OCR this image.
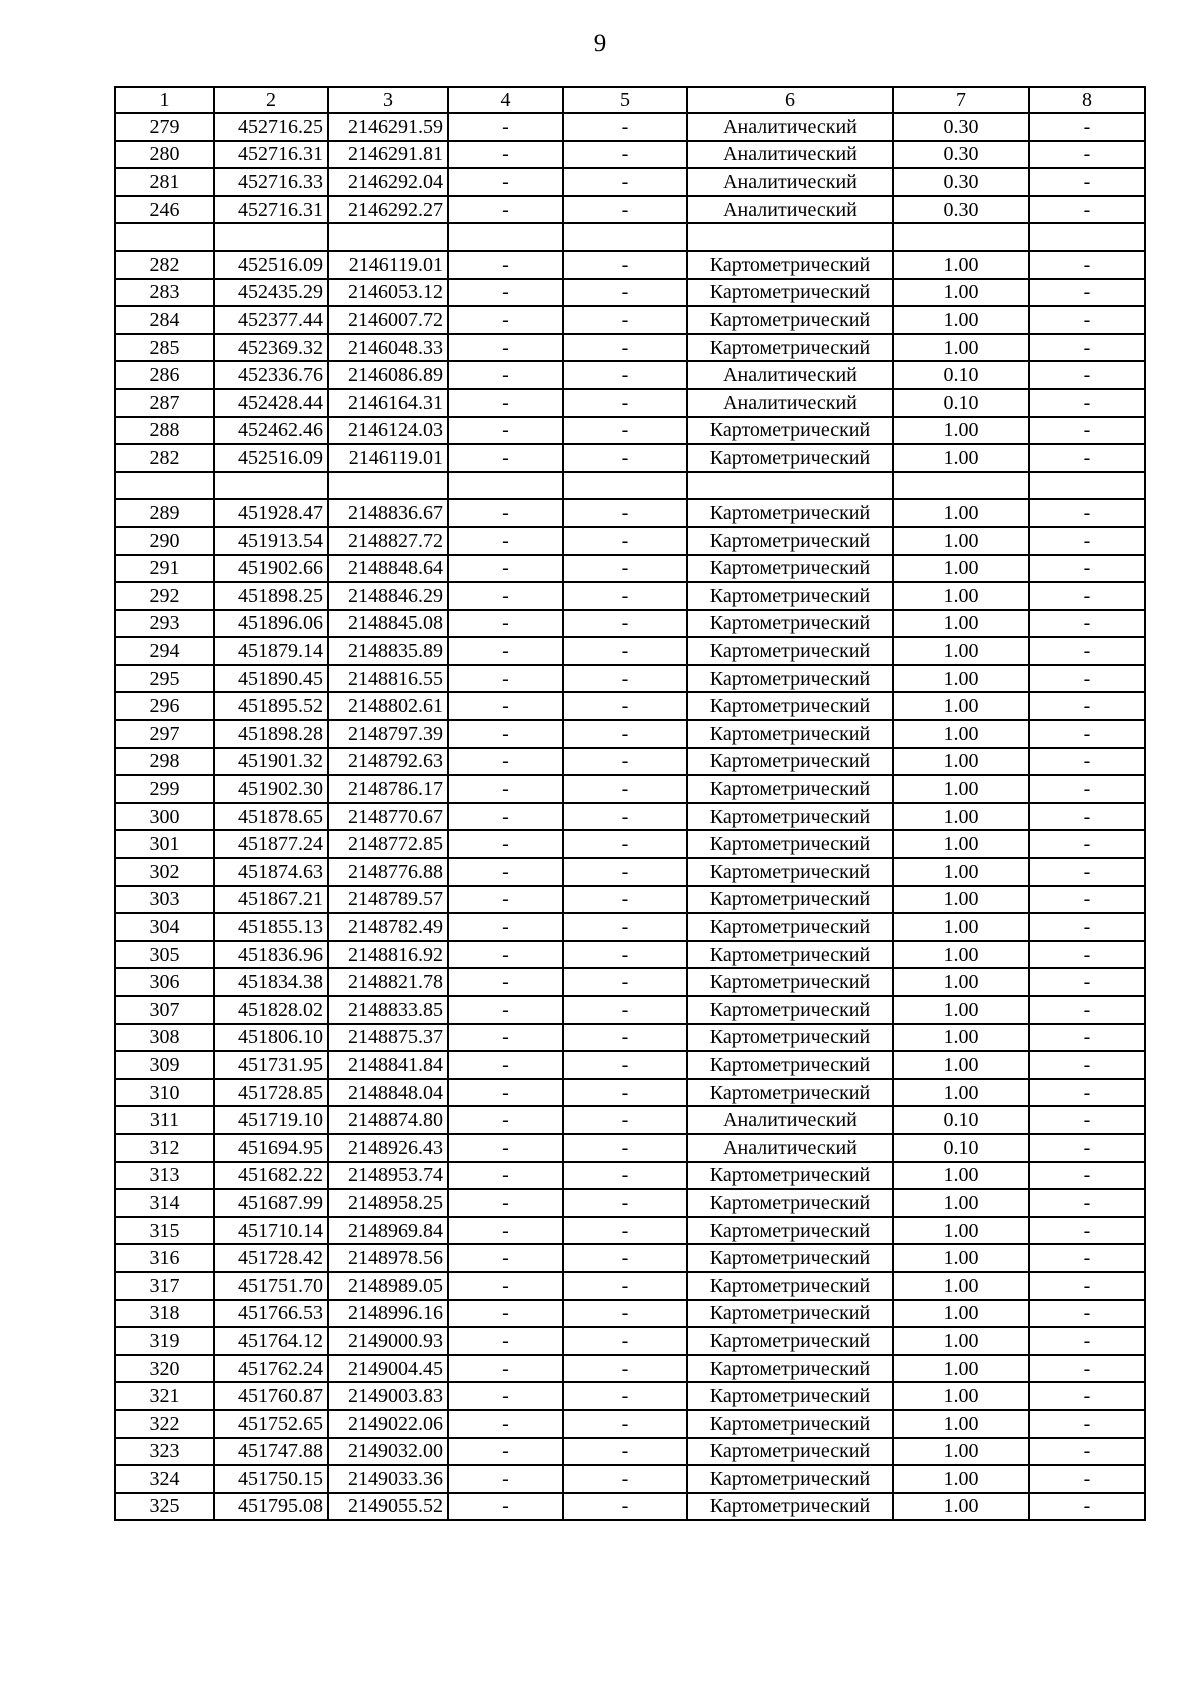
9
1	2	3	4	5	6	7	8
279	452716.25	2146291.59	-	-	Аналитический	0.30	-
280	452716.31	2146291.81	-	-	Аналитический	0.30	-
281	452716.33	2146292.04	-	-	Аналитический	0.30	-
246	452716.31	2146292.27	-	-	Аналитический	0.30	-

282	452516.09	2146119.01	-	-	Картометрический	1.00	-
283	452435.29	2146053.12	-	-	Картометрический	1.00	-
284	452377.44	2146007.72	-	-	Картометрический	1.00	-
285	452369.32	2146048.33	-	-	Картометрический	1.00	-
286	452336.76	2146086.89	-	-	Аналитический	0.10	-
287	452428.44	2146164.31	-	-	Аналитический	0.10	-
288	452462.46	2146124.03	-	-	Картометрический	1.00	-
282	452516.09	2146119.01	-	-	Картометрический	1.00	-

289	451928.47	2148836.67	-	-	Картометрический	1.00	-
290	451913.54	2148827.72	-	-	Картометрический	1.00	-
291	451902.66	2148848.64	-	-	Картометрический	1.00	-
292	451898.25	2148846.29	-	-	Картометрический	1.00	-
293	451896.06	2148845.08	-	-	Картометрический	1.00	-
294	451879.14	2148835.89	-	-	Картометрический	1.00	-
295	451890.45	2148816.55	-	-	Картометрический	1.00	-
296	451895.52	2148802.61	-	-	Картометрический	1.00	-
297	451898.28	2148797.39	-	-	Картометрический	1.00	-
298	451901.32	2148792.63	-	-	Картометрический	1.00	-
299	451902.30	2148786.17	-	-	Картометрический	1.00	-
300	451878.65	2148770.67	-	-	Картометрический	1.00	-
301	451877.24	2148772.85	-	-	Картометрический	1.00	-
302	451874.63	2148776.88	-	-	Картометрический	1.00	-
303	451867.21	2148789.57	-	-	Картометрический	1.00	-
304	451855.13	2148782.49	-	-	Картометрический	1.00	-
305	451836.96	2148816.92	-	-	Картометрический	1.00	-
306	451834.38	2148821.78	-	-	Картометрический	1.00	-
307	451828.02	2148833.85	-	-	Картометрический	1.00	-
308	451806.10	2148875.37	-	-	Картометрический	1.00	-
309	451731.95	2148841.84	-	-	Картометрический	1.00	-
310	451728.85	2148848.04	-	-	Картометрический	1.00	-
311	451719.10	2148874.80	-	-	Аналитический	0.10	-
312	451694.95	2148926.43	-	-	Аналитический	0.10	-
313	451682.22	2148953.74	-	-	Картометрический	1.00	-
314	451687.99	2148958.25	-	-	Картометрический	1.00	-
315	451710.14	2148969.84	-	-	Картометрический	1.00	-
316	451728.42	2148978.56	-	-	Картометрический	1.00	-
317	451751.70	2148989.05	-	-	Картометрический	1.00	-
318	451766.53	2148996.16	-	-	Картометрический	1.00	-
319	451764.12	2149000.93	-	-	Картометрический	1.00	-
320	451762.24	2149004.45	-	-	Картометрический	1.00	-
321	451760.87	2149003.83	-	-	Картометрический	1.00	-
322	451752.65	2149022.06	-	-	Картометрический	1.00	-
323	451747.88	2149032.00	-	-	Картометрический	1.00	-
324	451750.15	2149033.36	-	-	Картометрический	1.00	-
325	451795.08	2149055.52	-	-	Картометрический	1.00	-
